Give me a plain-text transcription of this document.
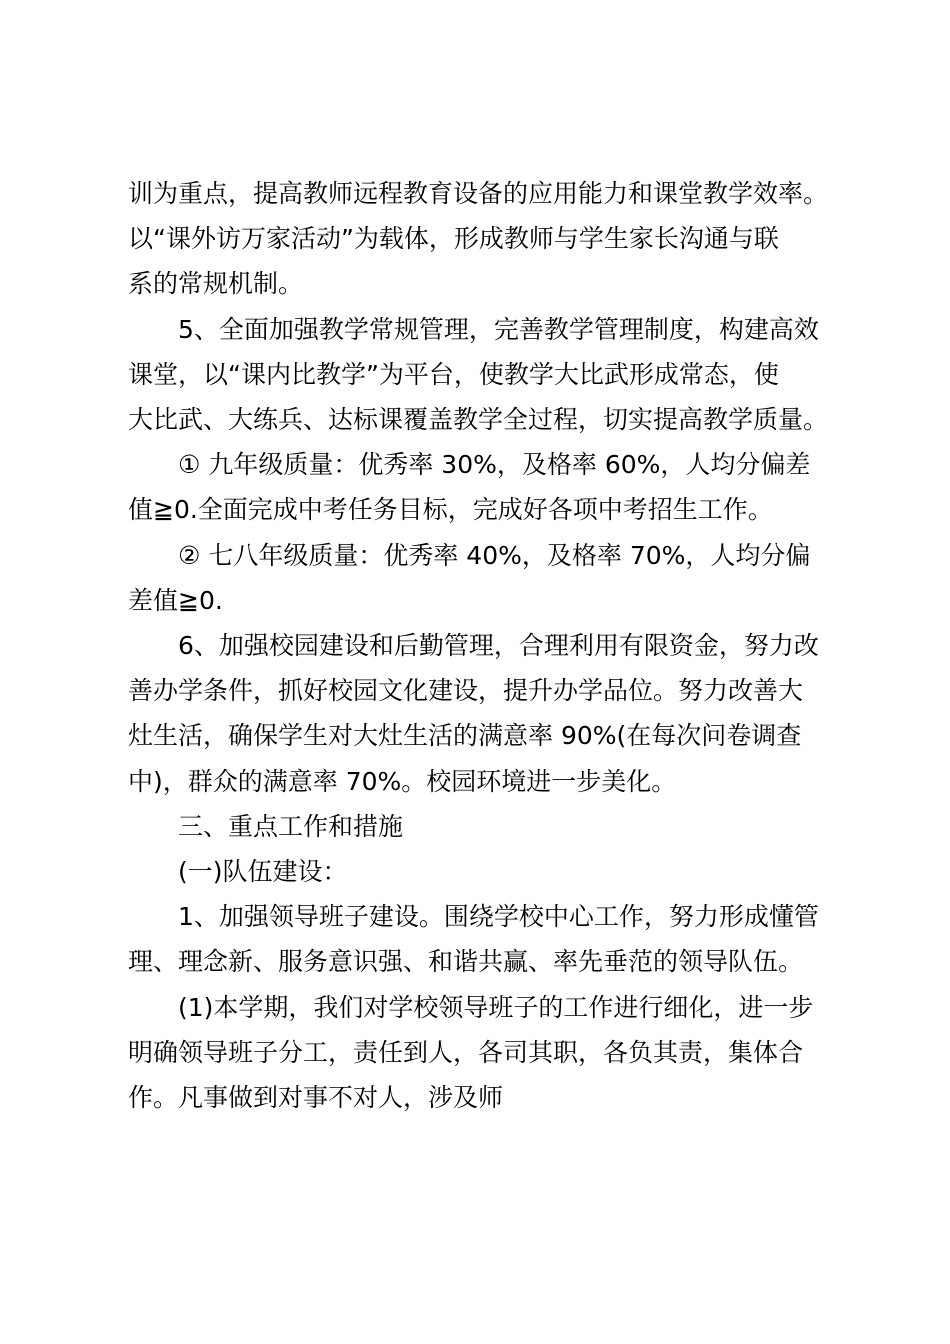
训为重点，提高教师远程教育设备的应用能力和课堂教学效率。

以“课外访万家活动”为载体，形成教师与学生家长沟通与联

系的常规机制。

5、全面加强教学常规管理，完善教学管理制度，构建高效

课堂，以“课内比教学”为平台，使教学大比武形成常态，使

大比武、大练兵、达标课覆盖教学全过程，切实提高教学质量。

① 九年级质量：优秀率 30%，及格率 60%，人均分偏差

值≧0.全面完成中考任务目标，完成好各项中考招生工作。

② 七八年级质量：优秀率 40%，及格率 70%，人均分偏

差值≧0.

6、加强校园建设和后勤管理，合理利用有限资金，努力改

善办学条件，抓好校园文化建设，提升办学品位。努力改善大

灶生活，确保学生对大灶生活的满意率 90%(在每次问卷调查

中)，群众的满意率 70%。校园环境进一步美化。

三、重点工作和措施

(一)队伍建设：

1、加强领导班子建设。围绕学校中心工作，努力形成懂管

理、理念新、服务意识强、和谐共赢、率先垂范的领导队伍。

(1)本学期，我们对学校领导班子的工作进行细化，进一步

明确领导班子分工，责任到人，各司其职，各负其责，集体合

作。凡事做到对事不对人，涉及师
